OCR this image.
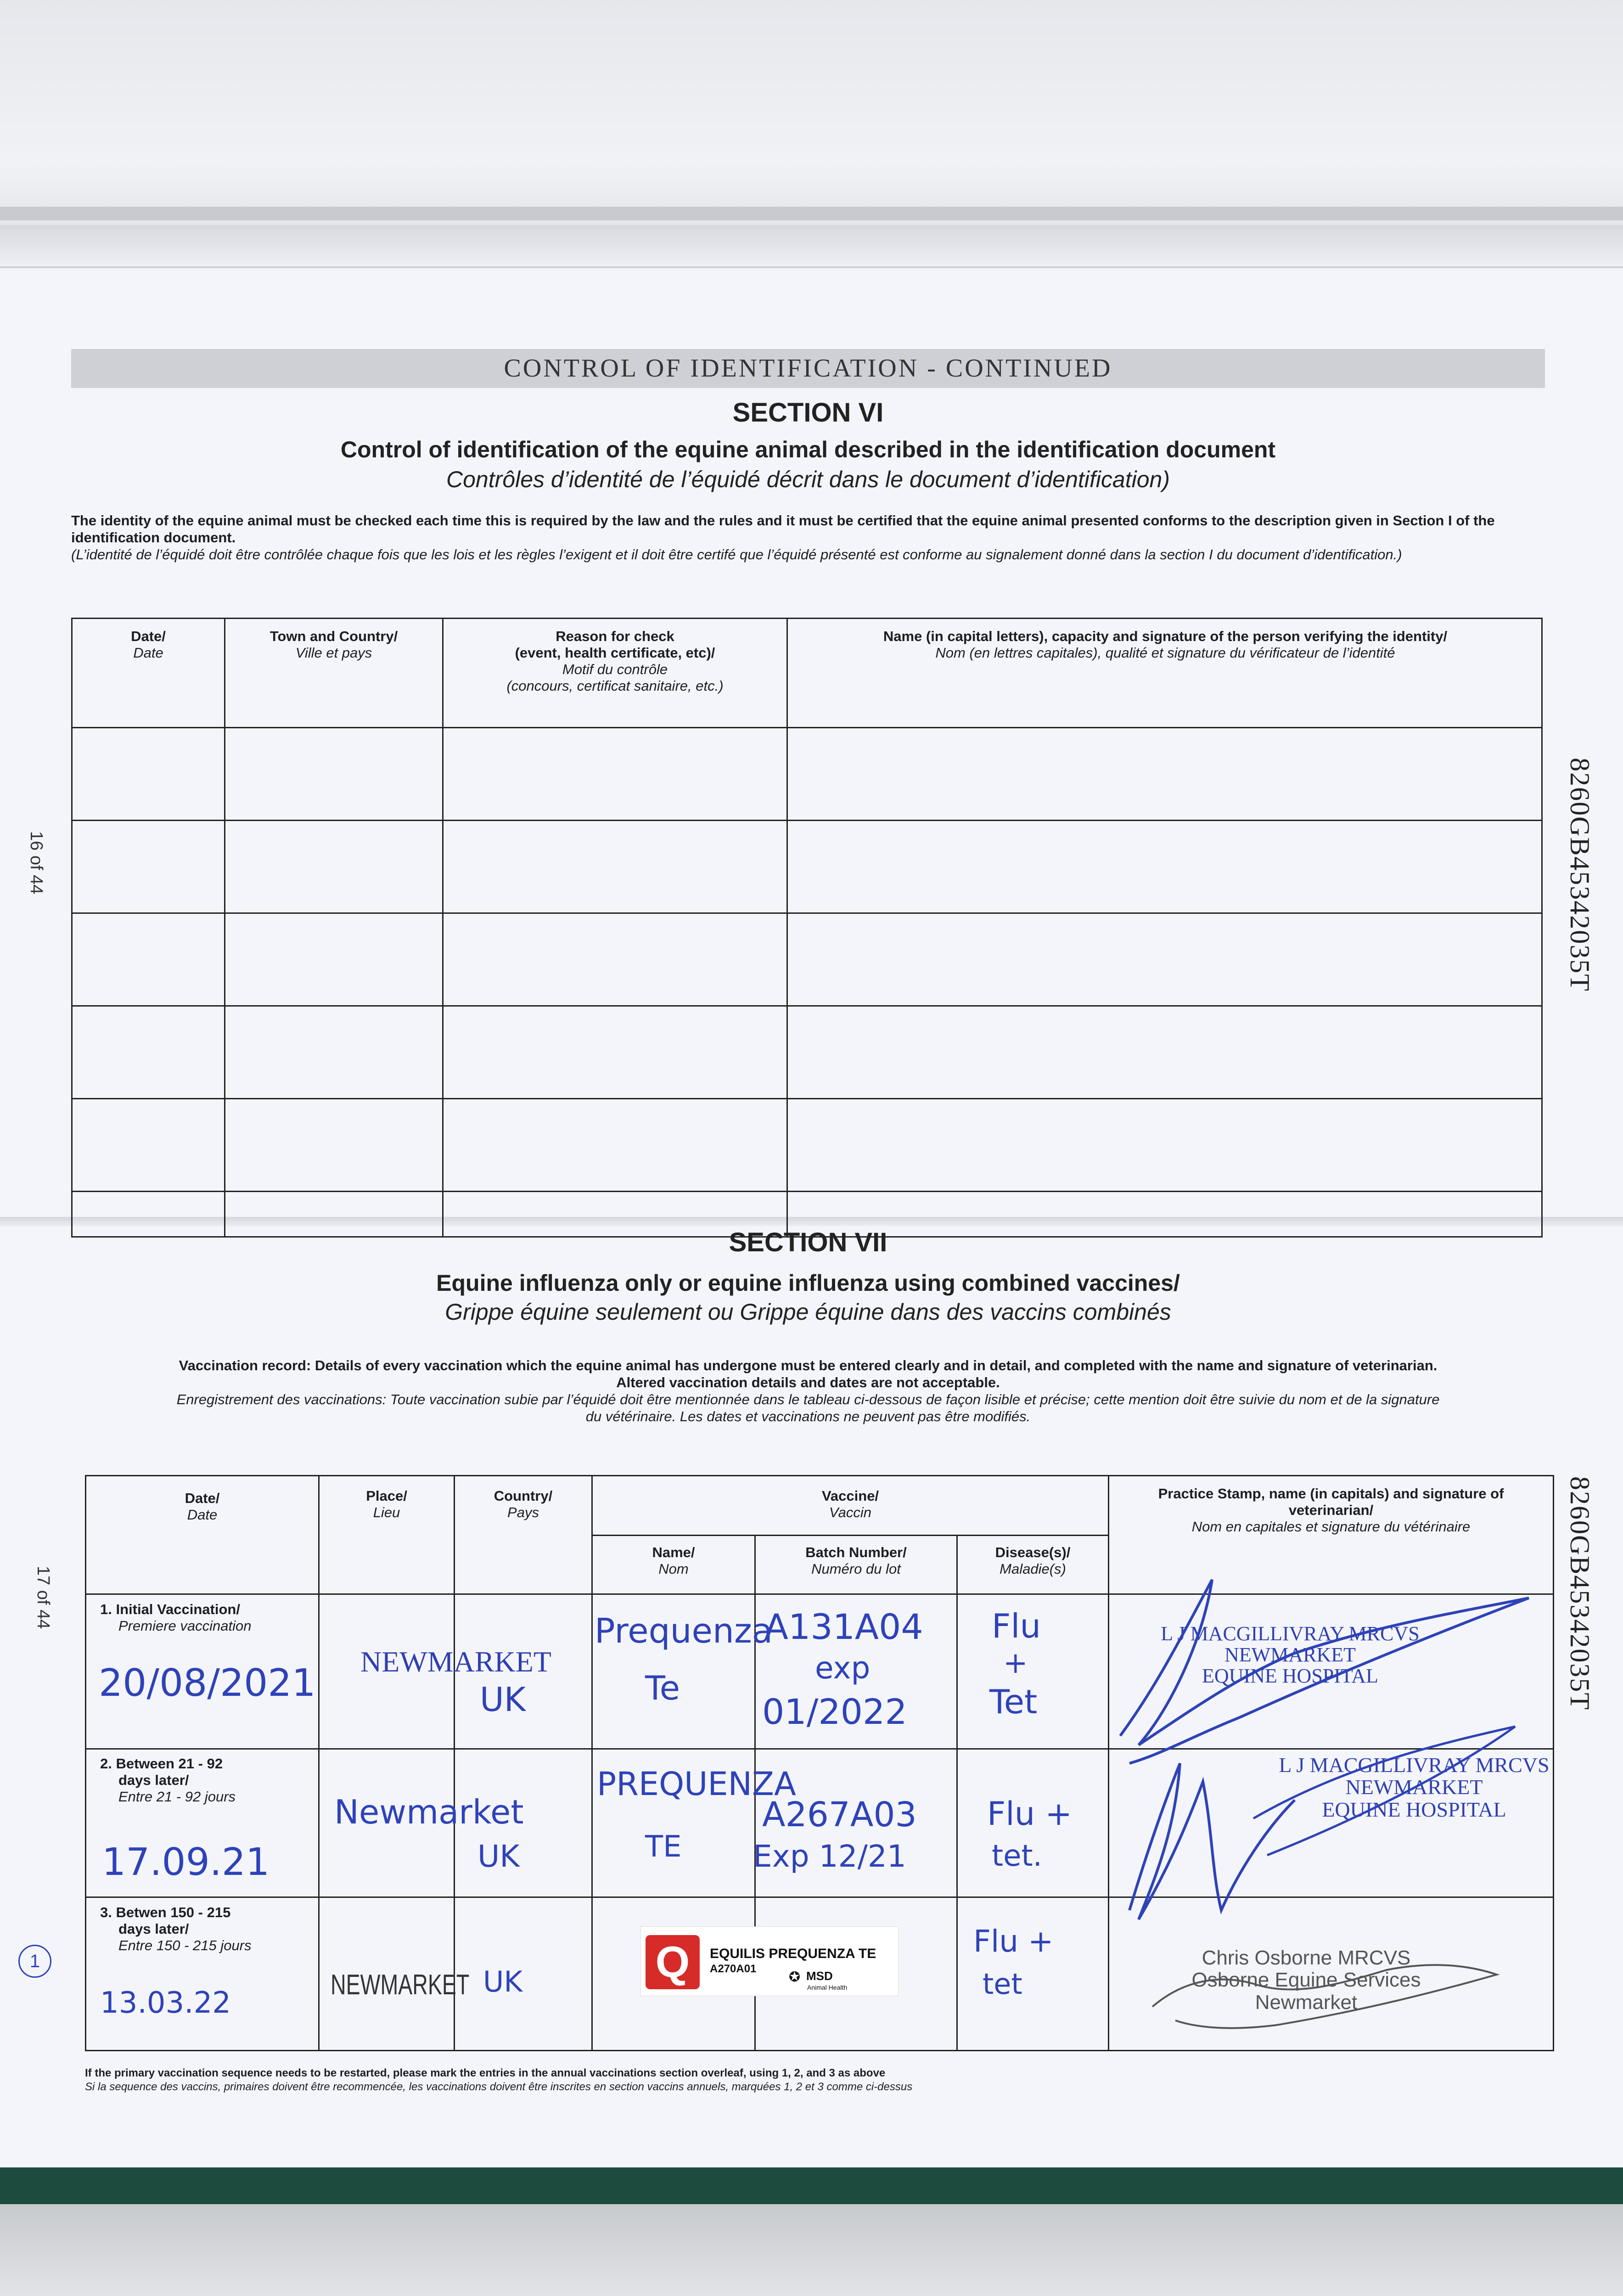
CONTROL OF IDENTIFICATION - CONTINUED
SECTION VI
Control of identification of the equine animal described in the identification document
Contrôles d’identité de l’équidé décrit dans le document d’identification)
The identity of the equine animal must be checked each time this is required by the law and the rules and it must be certified that the equine animal presented conforms to the description given in Section I of the identification document.
(L’identité de l’équidé doit être contrôlée chaque fois que les lois et les règles l’exigent et il doit être certifé que l’équidé présenté est conforme au signalement donné dans la section I du document d’identification.)
Date/
Date
Town and Country/
Ville et pays
Reason for check
(event, health certificate, etc)/
Motif du contrôle
(concours, certificat sanitaire, etc.)
Name (in capital letters), capacity and signature of the person verifying the identity/
Nom (en lettres capitales), qualité et signature du vérificateur de l’identité
SECTION VII
Equine influenza only or equine influenza using combined vaccines/
Grippe équine seulement ou Grippe équine dans des vaccins combinés
Vaccination record: Details of every vaccination which the equine animal has undergone must be entered clearly and in detail, and completed with the name and signature of veterinarian.
Altered vaccination details and dates are not acceptable.
Enregistrement des vaccinations: Toute vaccination subie par l’équidé doit être mentionnée dans le tableau ci-dessous de façon lisible et précise; cette mention doit être suivie du nom et de la signature
du vétérinaire. Les dates et vaccinations ne peuvent pas être modifiés.
Date/
Date
Place/
Lieu
Country/
Pays
Vaccine/
Vaccin
Name/
Nom
Batch Number/
Numéro du lot
Disease(s)/
Maladie(s)
Practice Stamp, name (in capitals) and signature of
veterinarian/
Nom en capitales et signature du vétérinaire
1. Initial Vaccination/
Premiere vaccination
2. Between 21 - 92
days later/
Entre 21 - 92 jours
3. Betwen 150 - 215
days later/
Entre 150 - 215 jours
20/08/2021 NEWMARKET
UK
Prequenza
Te
A131A04
exp
01/2022
Flu
+
Tet
L J MACGILLIVRAY MRCVS
NEWMARKET
EQUINE HOSPITAL
17.09.21
Newmarket
UK
PREQUENZA
TE
A267A03
Exp 12/21
Flu +
tet.
L J MACGILLIVRAY MRCVS
NEWMARKET
EQUINE HOSPITAL
13.03.22
NEWMARKET UK	Q	EQUILIS PREQUENZA TE
A270A01
✪ MSD
Animal Health
Flu +
tet
Chris Osborne MRCVS
Osborne Equine Services
Newmarket
1
If the primary vaccination sequence needs to be restarted, please mark the entries in the annual vaccinations section overleaf, using 1, 2, and 3 as above
Si la sequence des vaccins, primaires doivent être recommencée, les vaccinations doivent être inscrites en section vaccins annuels, marquées 1, 2 et 3 comme ci-dessus
16 of 44
17 of 44
8260GB45342035T
8260GB45342035T
